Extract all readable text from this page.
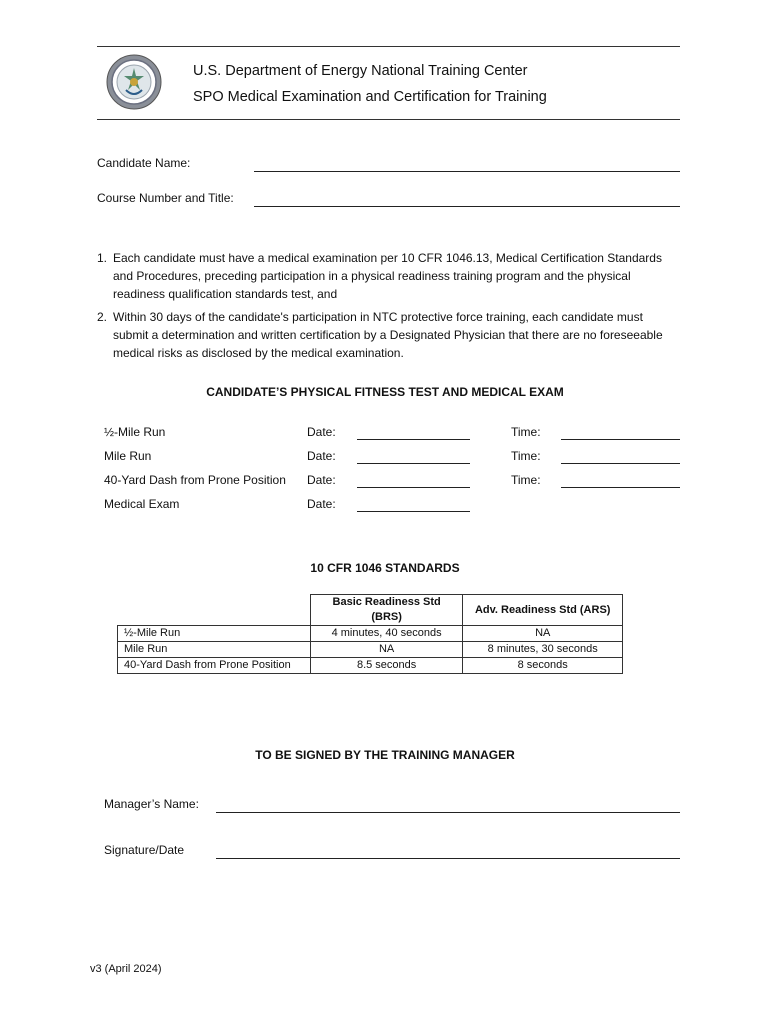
U.S. Department of Energy National Training Center
SPO Medical Examination and Certification for Training
Candidate Name:
Course Number and Title:
1. Each candidate must have a medical examination per 10 CFR 1046.13, Medical Certification Standards and Procedures, preceding participation in a physical readiness training program and the physical readiness qualification standards test, and
2. Within 30 days of the candidate's participation in NTC protective force training, each candidate must submit a determination and written certification by a Designated Physician that there are no foreseeable medical risks as disclosed by the medical examination.
CANDIDATE’S PHYSICAL FITNESS TEST AND MEDICAL EXAM
½-Mile Run	Date:	Time:
Mile Run	Date:	Time:
40-Yard Dash from Prone Position Date:	Time:
Medical Exam	Date:
10 CFR 1046 STANDARDS
	Basic Readiness Std (BRS)	Adv. Readiness Std (ARS)
½-Mile Run	4 minutes, 40 seconds	NA
Mile Run	NA	8 minutes, 30 seconds
40-Yard Dash from Prone Position	8.5 seconds	8 seconds
TO BE SIGNED BY THE TRAINING MANAGER
Manager’s Name:
Signature/Date
v3 (April 2024)
